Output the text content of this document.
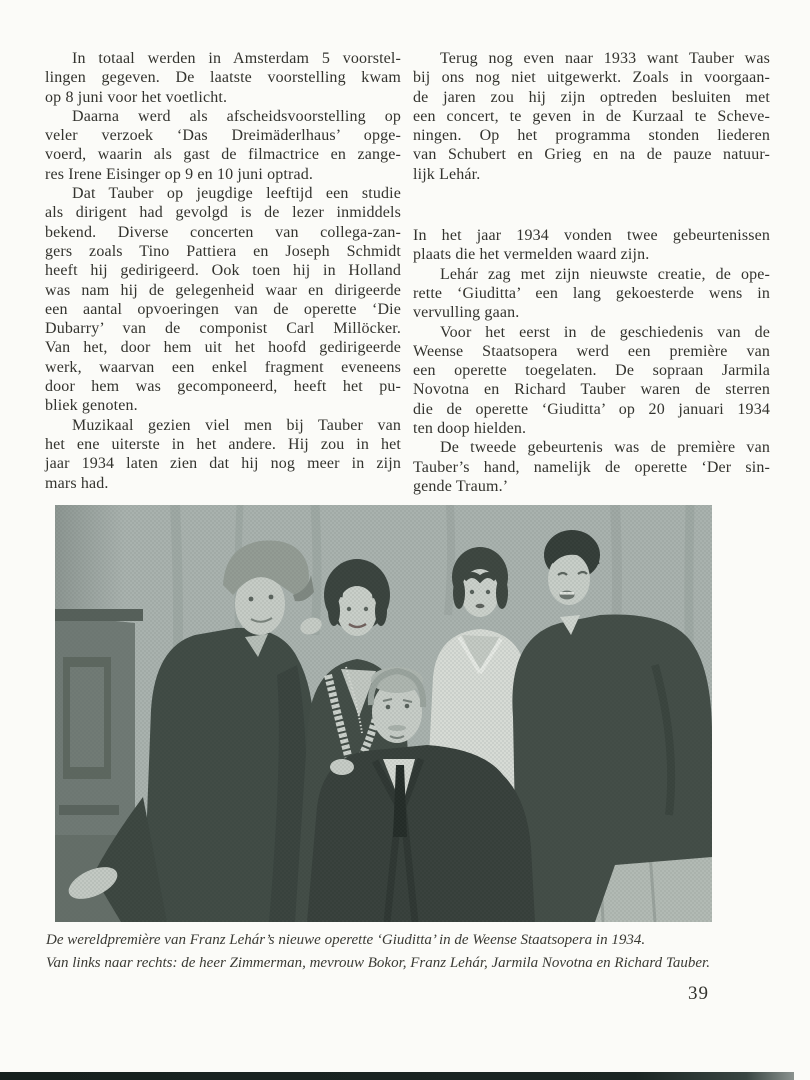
In totaal werden in Amsterdam 5 voorstel-
lingen gegeven. De laatste voorstelling kwam
op 8 juni voor het voetlicht.
Daarna werd als afscheidsvoorstelling op
veler verzoek ‘Das Dreimäderlhaus’ opge-
voerd, waarin als gast de filmactrice en zange-
res Irene Eisinger op 9 en 10 juni optrad.
Dat Tauber op jeugdige leeftijd een studie
als dirigent had gevolgd is de lezer inmiddels
bekend. Diverse concerten van collega-zan-
gers zoals Tino Pattiera en Joseph Schmidt
heeft hij gedirigeerd. Ook toen hij in Holland
was nam hij de gelegenheid waar en dirigeerde
een aantal opvoeringen van de operette ‘Die
Dubarry’ van de componist Carl Millöcker.
Van het, door hem uit het hoofd gedirigeerde
werk, waarvan een enkel fragment eveneens
door hem was gecomponeerd, heeft het pu-
bliek genoten.
Muzikaal gezien viel men bij Tauber van
het ene uiterste in het andere. Hij zou in het
jaar 1934 laten zien dat hij nog meer in zijn
mars had.
Terug nog even naar 1933 want Tauber was
bij ons nog niet uitgewerkt. Zoals in voorgaan-
de jaren zou hij zijn optreden besluiten met
een concert, te geven in de Kurzaal te Scheve-
ningen. Op het programma stonden liederen
van Schubert en Grieg en na de pauze natuur-
lijk Lehár.
In het jaar 1934 vonden twee gebeurtenissen
plaats die het vermelden waard zijn.
Lehár zag met zijn nieuwste creatie, de ope-
rette ‘Giuditta’ een lang gekoesterde wens in
vervulling gaan.
Voor het eerst in de geschiedenis van de
Weense Staatsopera werd een première van
een operette toegelaten. De sopraan Jarmila
Novotna en Richard Tauber waren de sterren
die de operette ‘Giuditta’ op 20 januari 1934
ten doop hielden.
De tweede gebeurtenis was de première van
Tauber’s hand, namelijk de operette ‘Der sin-
gende Traum.’
De wereldpremière van Franz Lehár’s nieuwe operette ‘Giuditta’ in de Weense Staatsopera in 1934.
Van links naar rechts: de heer Zimmerman, mevrouw Bokor, Franz Lehár, Jarmila Novotna en Richard Tauber.
39
